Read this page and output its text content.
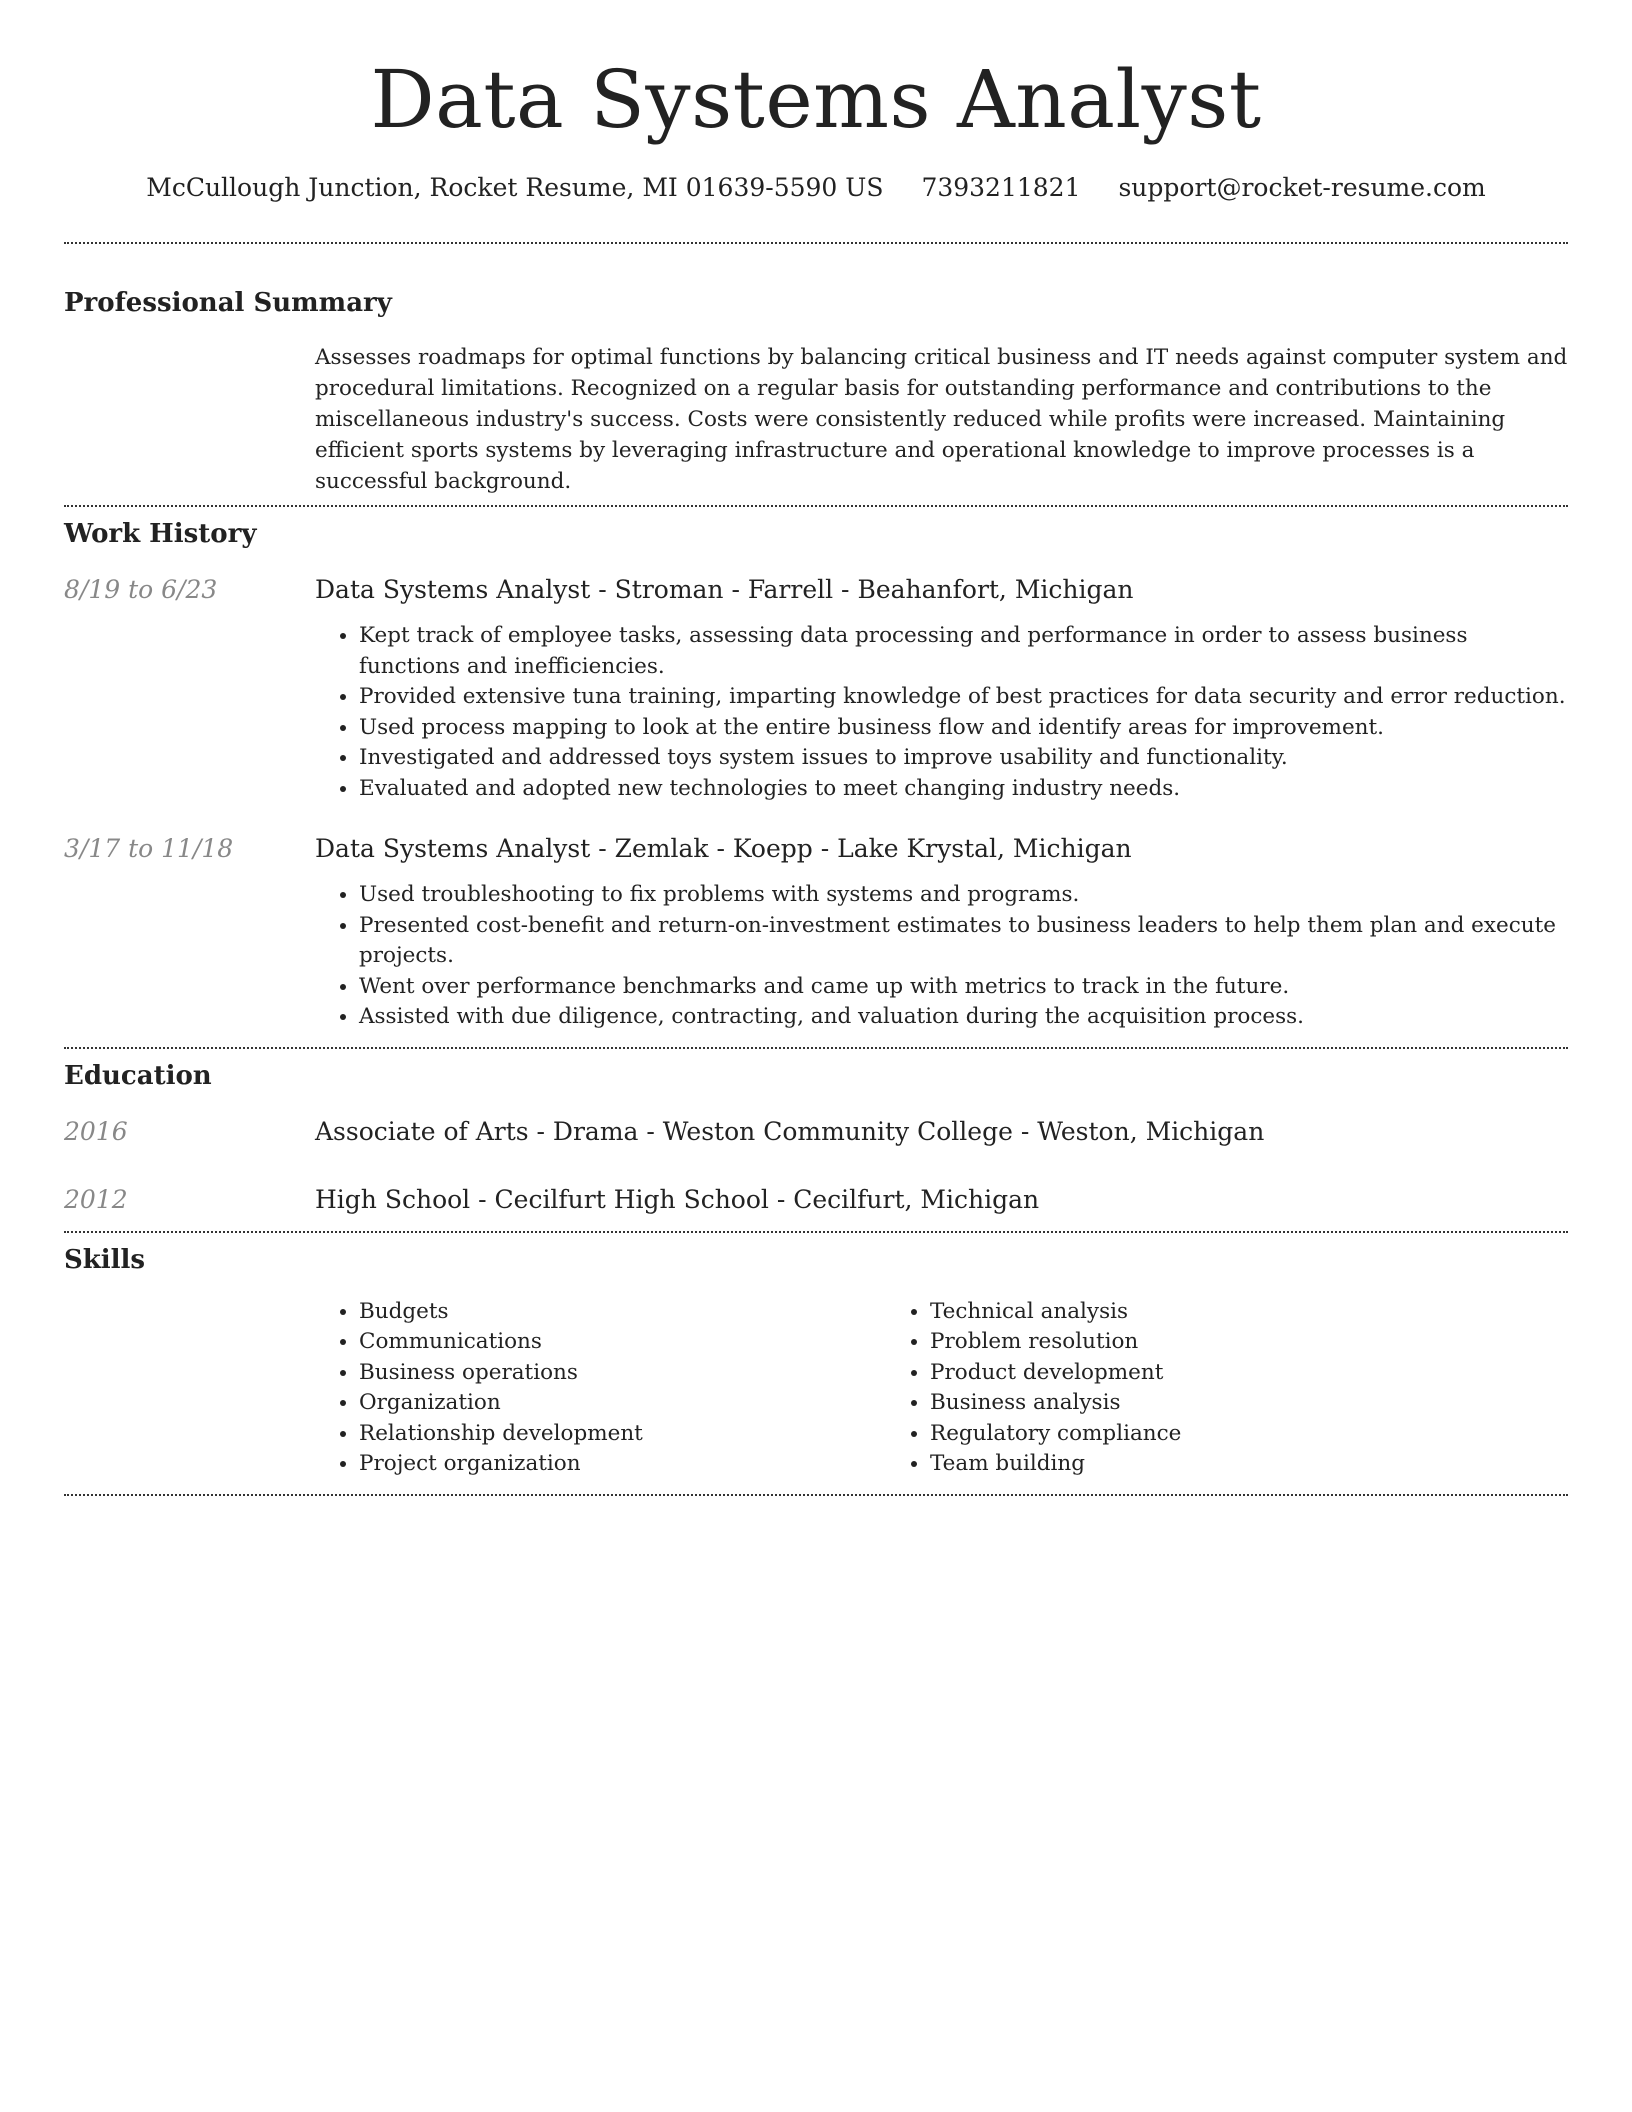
Data Systems Analyst
McCullough Junction, Rocket Resume, MI 01639-5590 US 7393211821 support@rocket-resume.com
Professional Summary

Assesses roadmaps for optimal functions by balancing critical business and IT needs against computer system and procedural limitations. Recognized on a regular basis for outstanding performance and contributions to the miscellaneous industry's success. Costs were consistently reduced while profits were increased. Maintaining efficient sports systems by leveraging infrastructure and operational knowledge to improve processes is a successful background.

Work History
8/19 to 6/23	Data Systems Analyst - Stroman - Farrell - Beahanfort, Michigan
• Kept track of employee tasks, assessing data processing and performance in order to assess business functions and inefficiencies.
• Provided extensive tuna training, imparting knowledge of best practices for data security and error reduction.
• Used process mapping to look at the entire business flow and identify areas for improvement.
• Investigated and addressed toys system issues to improve usability and functionality.
• Evaluated and adopted new technologies to meet changing industry needs.
3/17 to 11/18	Data Systems Analyst - Zemlak - Koepp - Lake Krystal, Michigan
• Used troubleshooting to fix problems with systems and programs.
• Presented cost-benefit and return-on-investment estimates to business leaders to help them plan and execute projects.
• Went over performance benchmarks and came up with metrics to track in the future.
• Assisted with due diligence, contracting, and valuation during the acquisition process.
Education
2016	Associate of Arts - Drama - Weston Community College - Weston, Michigan
2012	High School - Cecilfurt High School - Cecilfurt, Michigan
Skills
• Budgets
• Communications
• Business operations
• Organization
• Relationship development
• Project organization
• Technical analysis
• Problem resolution
• Product development
• Business analysis
• Regulatory compliance
• Team building
